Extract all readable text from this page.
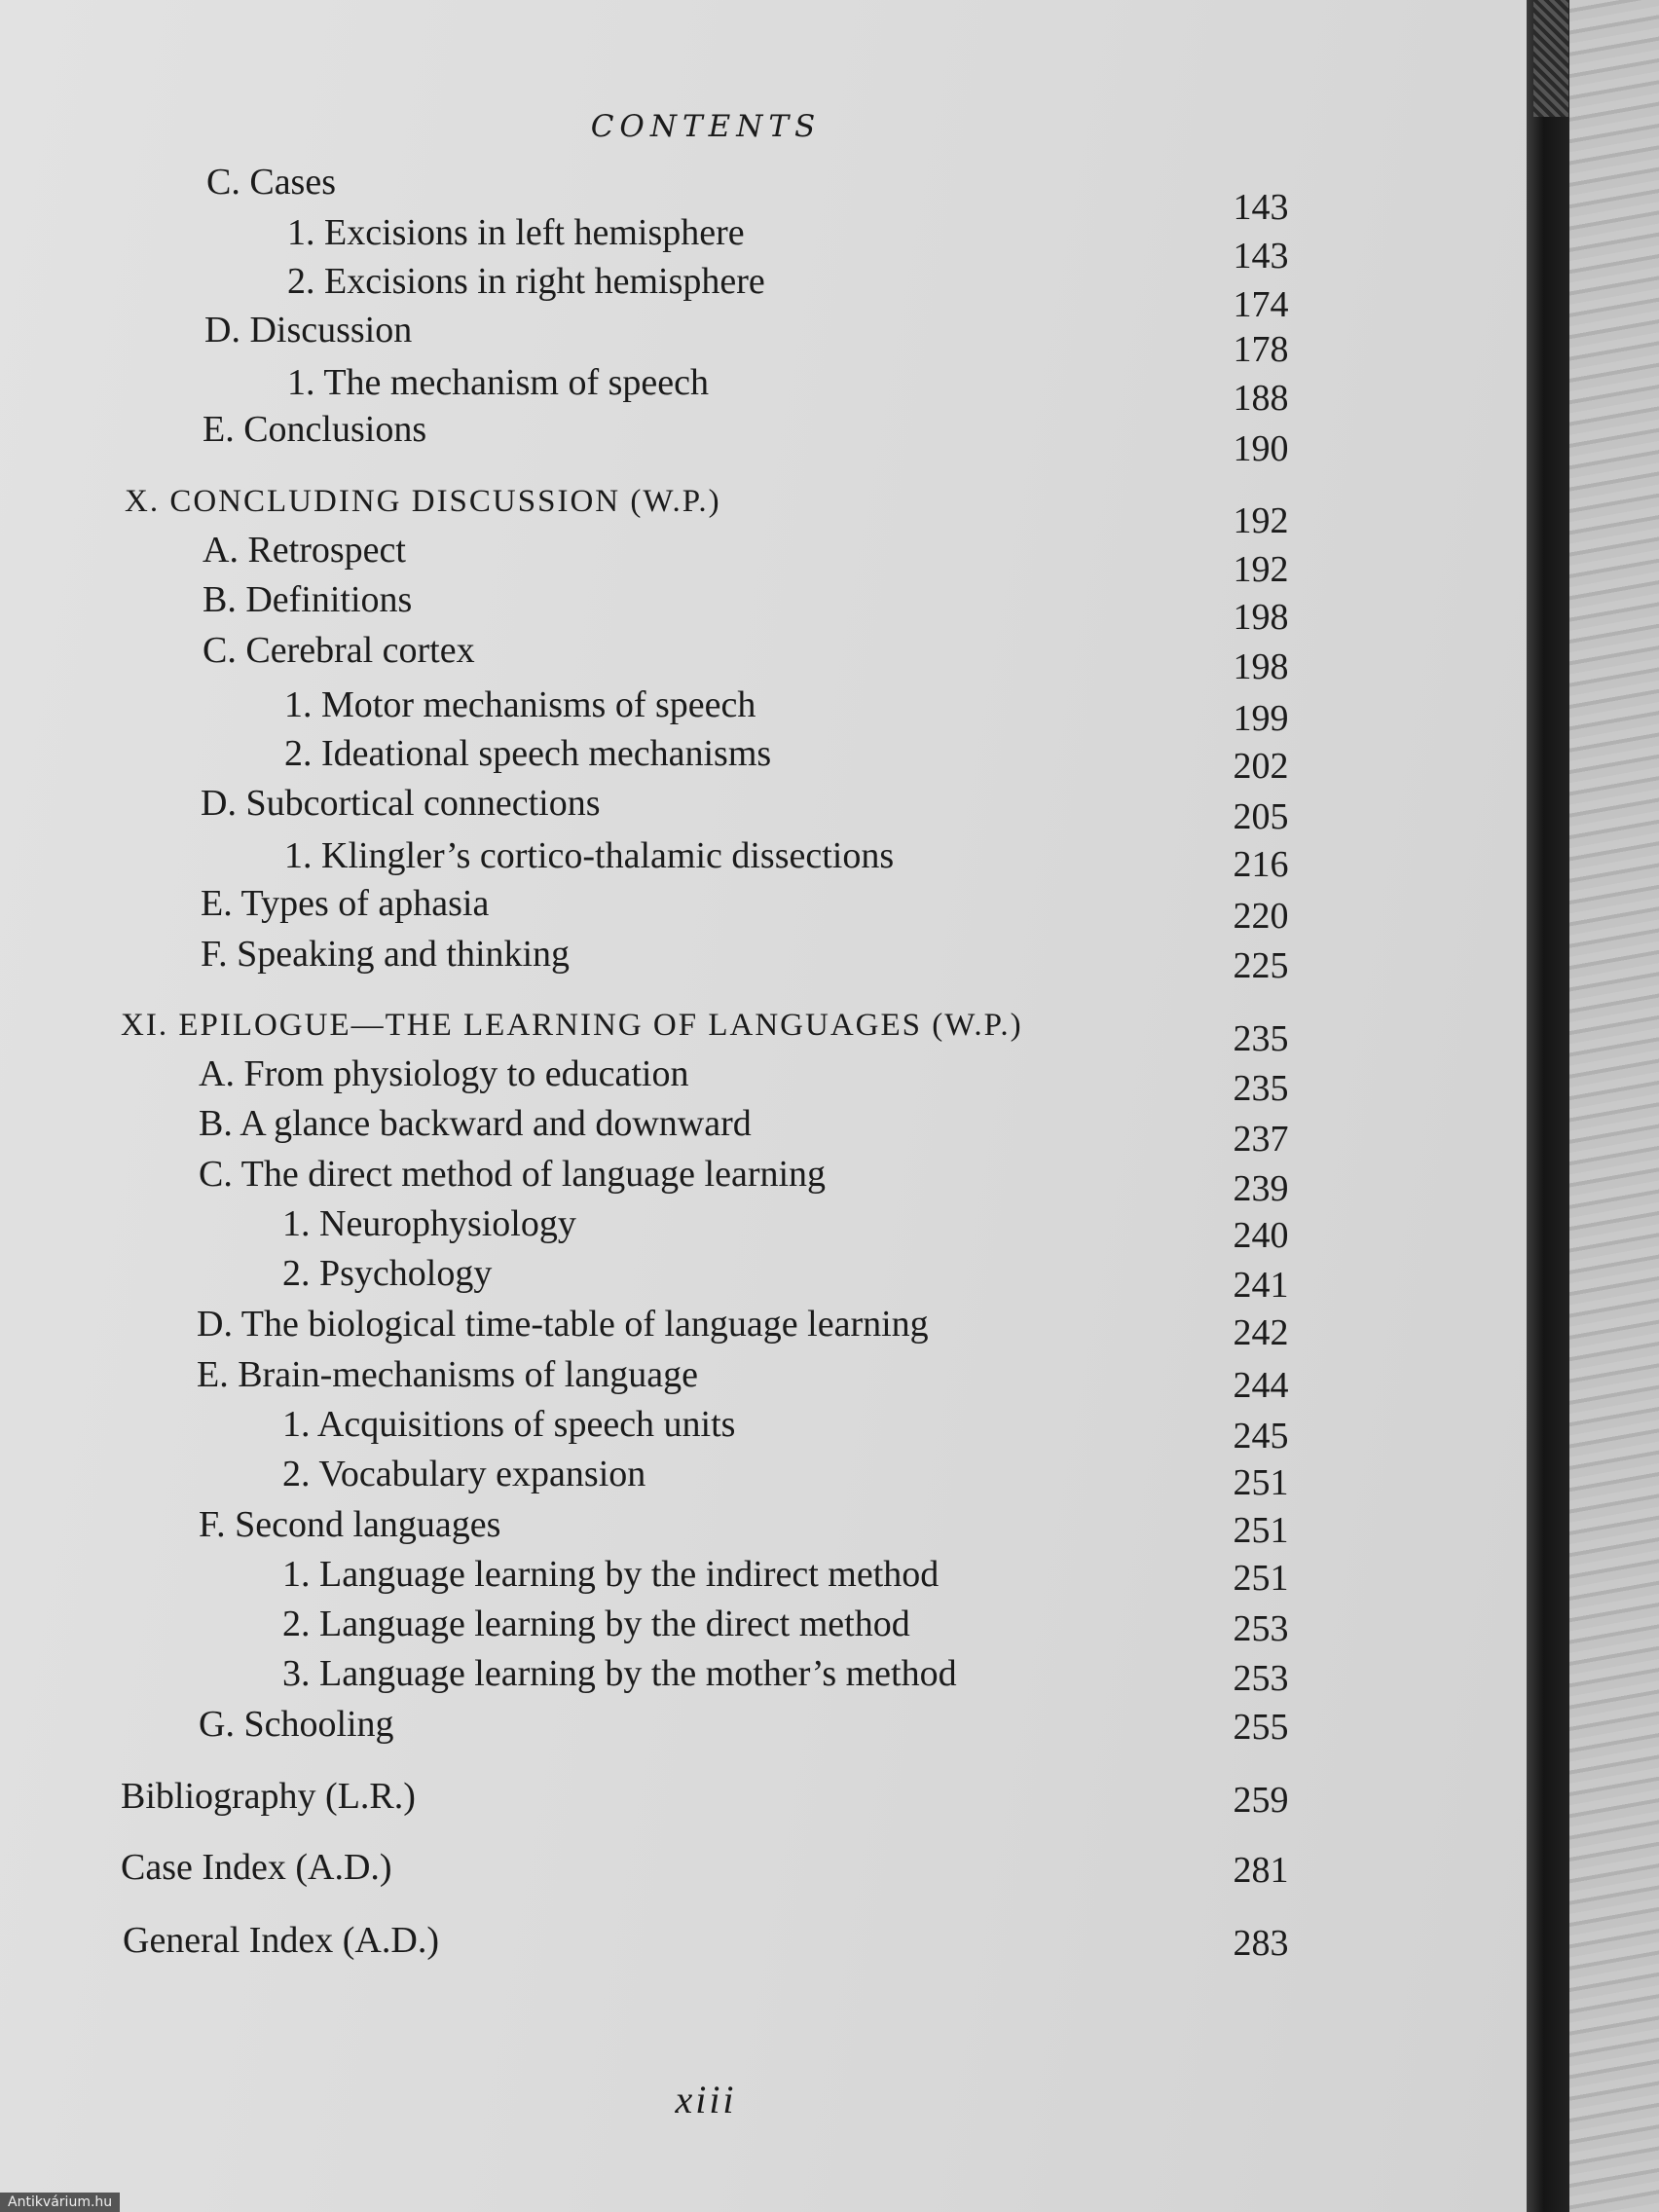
CONTENTS
C. Cases
1. Excisions in left hemisphere
2. Excisions in right hemisphere
D. Discussion
1. The mechanism of speech
E. Conclusions
X. CONCLUDING DISCUSSION (W.P.)
A. Retrospect
B. Definitions
C. Cerebral cortex
1. Motor mechanisms of speech
2. Ideational speech mechanisms
D. Subcortical connections
1. Klingler’s cortico-thalamic dissections
E. Types of aphasia
F. Speaking and thinking
XI. EPILOGUE—THE LEARNING OF LANGUAGES (W.P.)
A. From physiology to education
B. A glance backward and downward
C. The direct method of language learning
1. Neurophysiology
2. Psychology
D. The biological time-table of language learning
E. Brain-mechanisms of language
1. Acquisitions of speech units
2. Vocabulary expansion
F. Second languages
1. Language learning by the indirect method
2. Language learning by the direct method
3. Language learning by the mother’s method
G. Schooling
Bibliography (L.R.)
Case Index (A.D.)
General Index (A.D.)
143
143
174
178
188
190
192
192
198
198
199
202
205
216
220
225
235
235
237
239
240
241
242
244
245
251
251
251
253
253
255
259
281
283
xiii
Antikvárium.hu
